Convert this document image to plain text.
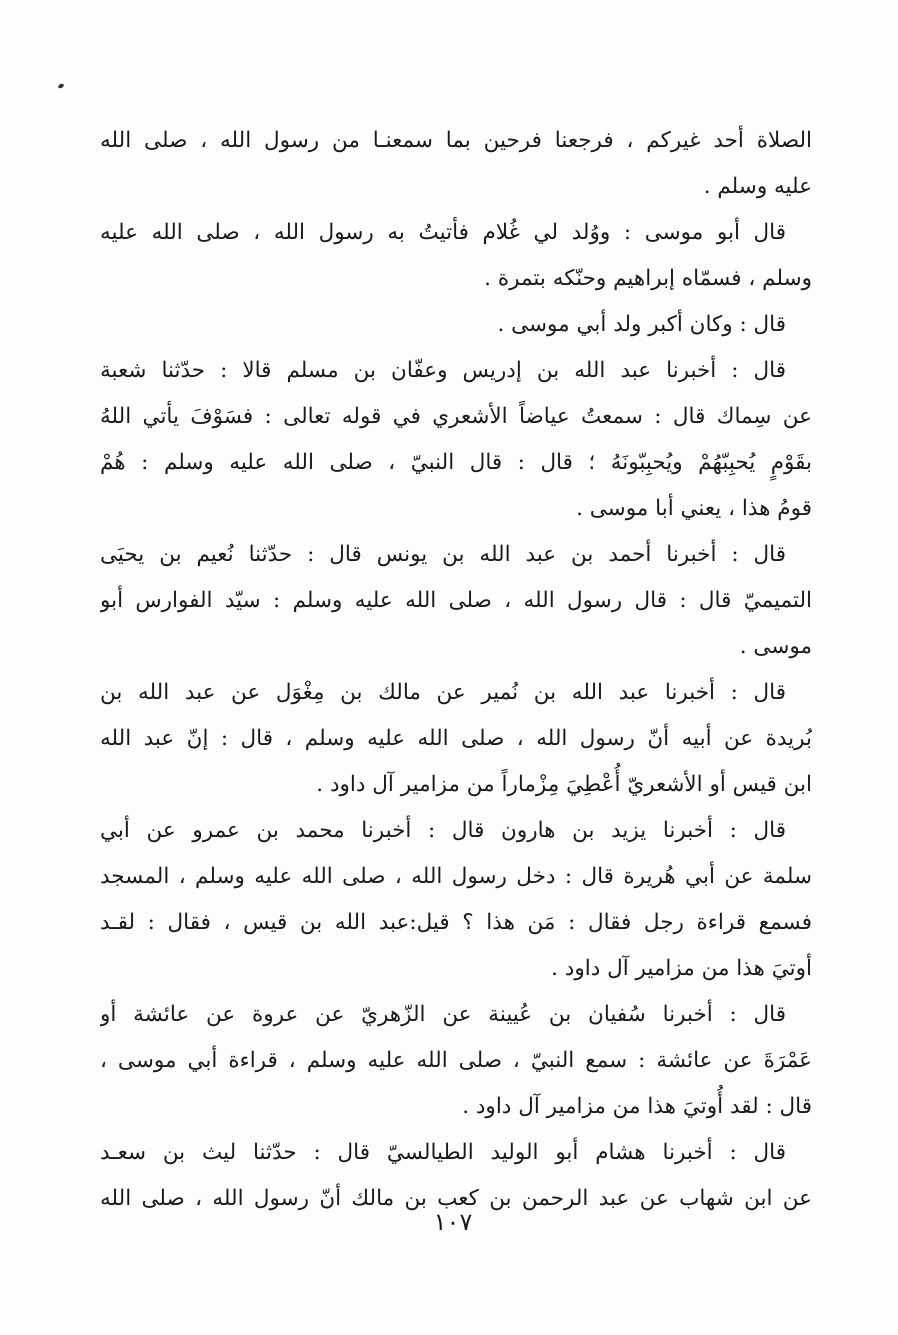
الصلاة أحد غيركم ، فرجعنا فرحين بما سمعنـا من رسول الله ، صلى الله
عليه وسلم .
قال أبو موسى : ووُلد لي غُلام فأتيتُ به رسول الله ، صلى الله عليه
وسلم ، فسمّاه إبراهيم وحنّكه بتمرة .
قال : وكان أكبر ولد أبي موسى .
قال : أخبرنا عبد الله بن إدريس وعفّان بن مسلم قالا : حدّثنا شعبة
عن سِماك قال : سمعتُ عياضاً الأشعري في قوله تعالى : فسَوْفَ يأتي اللهُ
بقَوْمٍ يُحبِبّهُمْ ويُحبِبّونَهُ ؛ قال : قال النبيّ ، صلى الله عليه وسلم : هُمْ
قومُ هذا ، يعني أبا موسى .
قال : أخبرنا أحمد بن عبد الله بن يونس قال : حدّثنا نُعيم بن يحيَى
التميميّ قال : قال رسول الله ، صلى الله عليه وسلم : سيّد الفوارس أبو
موسى .
قال : أخبرنا عبد الله بن نُمير عن مالك بن مِغْوَل عن عبد الله بن
بُريدة عن أبيه أنّ رسول الله ، صلى الله عليه وسلم ، قال : إنّ عبد الله
ابن قيس أو الأشعريّ أُعْطِيَ مِزْماراً من مزامير آل داود .
قال : أخبرنا يزيد بن هارون قال : أخبرنا محمد بن عمرو عن أبي
سلمة عن أبي هُريرة قال : دخل رسول الله ، صلى الله عليه وسلم ، المسجد
فسمع قراءة رجل فقال : مَن هذا ؟ قيل:عبد الله بن قيس ، فقال : لقـد
أوتيَ هذا من مزامير آل داود .
قال : أخبرنا سُفيان بن عُيينة عن الزّهريّ عن عروة عن عائشة أو
عَمْرَةَ عن عائشة : سمع النبيّ ، صلى الله عليه وسلم ، قراءة أبي موسى ،
قال : لقد أُوتيَ هذا من مزامير آل داود .
قال : أخبرنا هشام أبو الوليد الطيالسيّ قال : حدّثنا ليث بن سعـد
عن ابن شهاب عن عبد الرحمن بن كعب بن مالك أنّ رسول الله ، صلى الله
١٠٧
